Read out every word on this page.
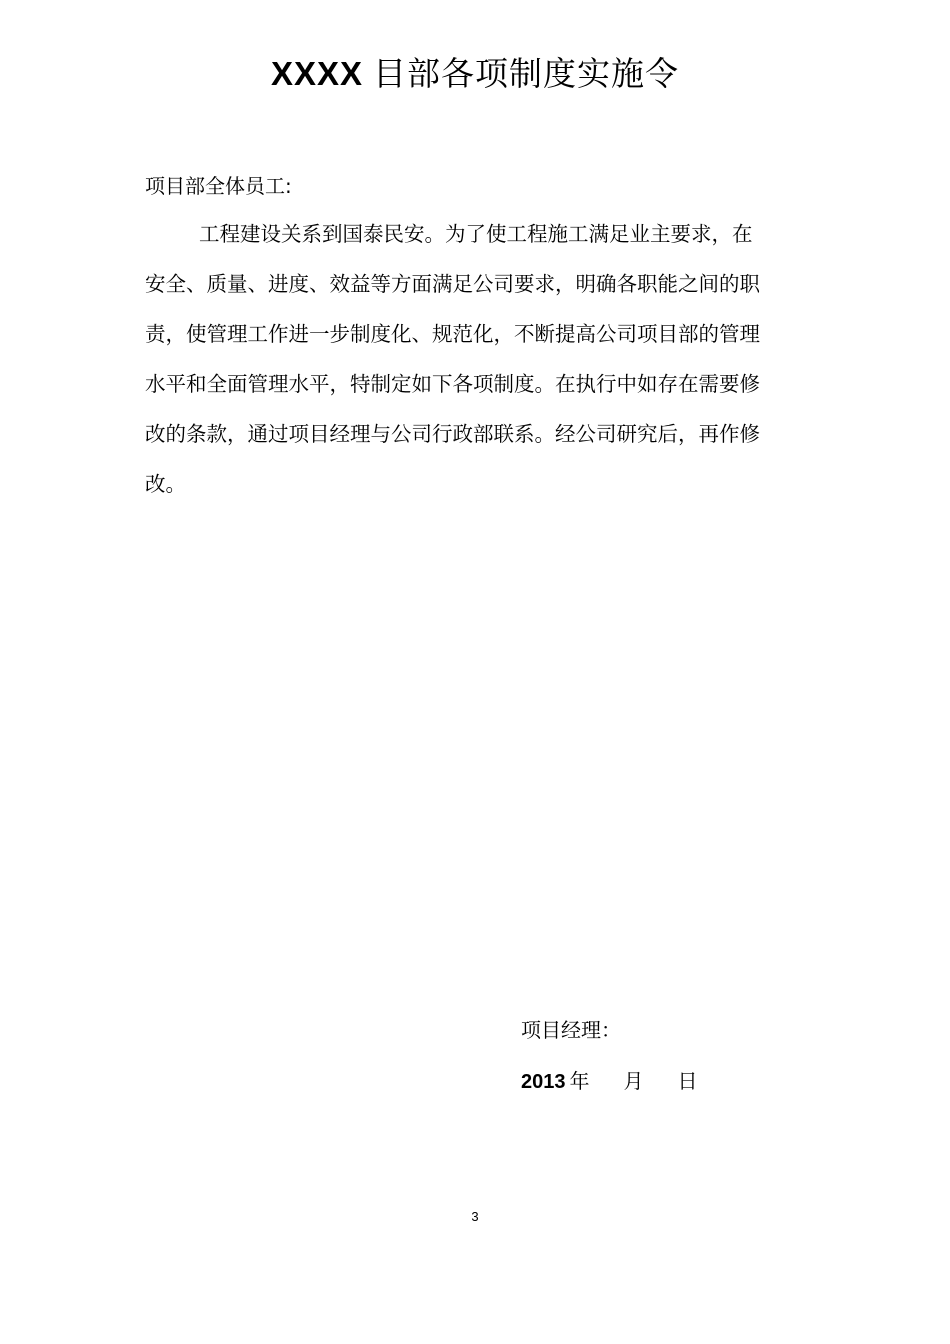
XXXX 目部各项制度实施令
项目部全体员工:
工程建设关系到国泰民安。为了使工程施工满足业主要求，在
安全、质量、进度、效益等方面满足公司要求，明确各职能之间的职
责，使管理工作进一步制度化、规范化，不断提高公司项目部的管理
水平和全面管理水平，特制定如下各项制度。在执行中如存在需要修
改的条款，通过项目经理与公司行政部联系。经公司研究后，再作修
改。
项目经理：
2013 年 月 日
3
